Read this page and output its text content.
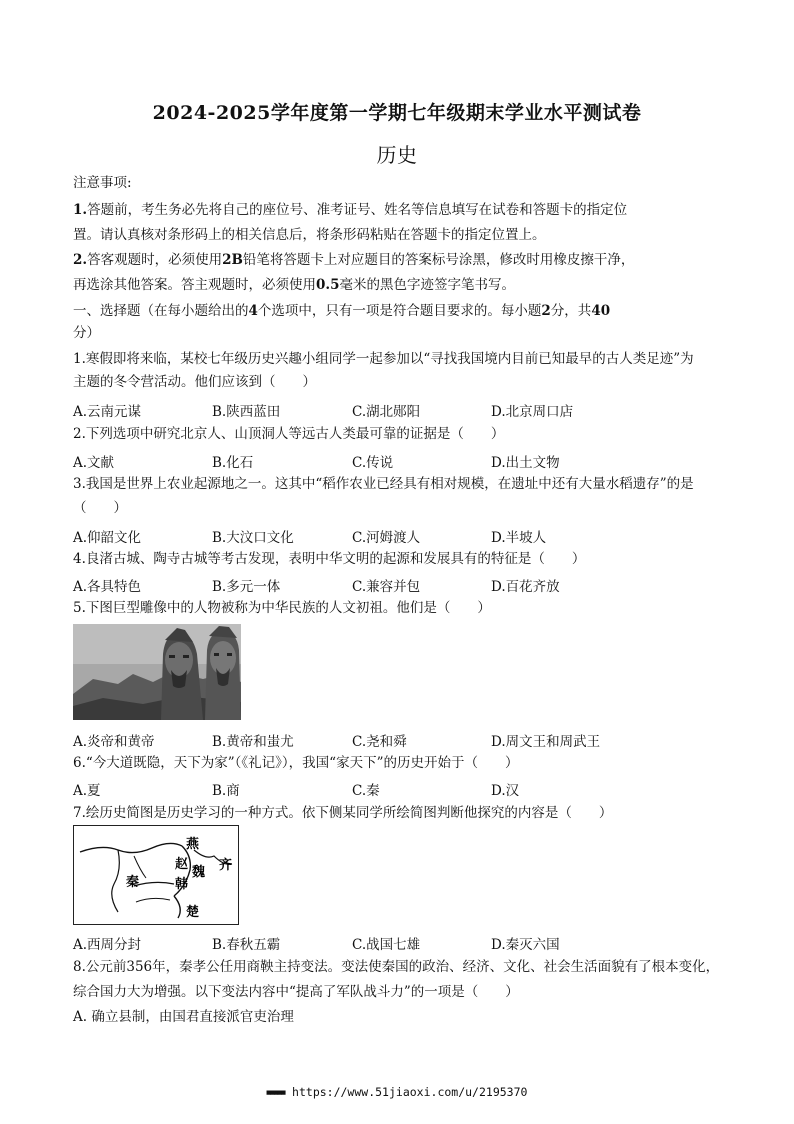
2024-2025学年度第一学期七年级期末学业水平测试卷
历史
注意事项:
1.答题前，考生务必先将自己的座位号、准考证号、姓名等信息填写在试卷和答题卡的指定位
置。请认真核对条形码上的相关信息后，将条形码粘贴在答题卡的指定位置上。
2.答客观题时，必须使用2B铅笔将答题卡上对应题目的答案标号涂黑，修改时用橡皮擦干净，
再选涂其他答案。答主观题时，必须使用0.5毫米的黑色字迹签字笔书写。
一、选择题（在每小题给出的4个选项中，只有一项是符合题目要求的。每小题2分，共40
分）
1.寒假即将来临，某校七年级历史兴趣小组同学一起参加以“寻找我国境内目前已知最早的古人类足迹”为
主题的冬令营活动。他们应该到（　　）
A.云南元谋	B.陕西蓝田	C.湖北郧阳	D.北京周口店
2.下列选项中研究北京人、山顶洞人等远古人类最可靠的证据是（　　）
A.文献	B.化石	C.传说	D.出土文物
3.我国是世界上农业起源地之一。这其中“稻作农业已经具有相对规模，在遗址中还有大量水稻遗存”的是
（　　）
A.仰韶文化	B.大汶口文化	C.河姆渡人	D.半坡人
4.良渚古城、陶寺古城等考古发现，表明中华文明的起源和发展具有的特征是（　　）
A.各具特色	B.多元一体	C.兼容并包	D.百花齐放
5.下图巨型雕像中的人物被称为中华民族的人文初祖。他们是（　　）
A.炎帝和黄帝	B.黄帝和蚩尤	C.尧和舜	D.周文王和周武王
6.“今大道既隐，天下为家”（《礼记》），我国“家天下”的历史开始于（　　）
A.夏	B.商	C.秦	D.汉
7.绘历史简图是历史学习的一种方式。依下侧某同学所绘简图判断他探究的内容是（　　）
燕
齐
赵
魏
秦	韩
楚
A.西周分封	B.春秋五霸	C.战国七雄	D.秦灭六国
8.公元前356年，秦孝公任用商鞅主持变法。变法使秦国的政治、经济、文化、社会生活面貌有了根本变化，
综合国力大为增强。以下变法内容中“提高了军队战斗力”的一项是（　　）
A. 确立县制，由国君直接派官吏治理
■■■■■ https://www.51jiaoxi.com/u/2195370
